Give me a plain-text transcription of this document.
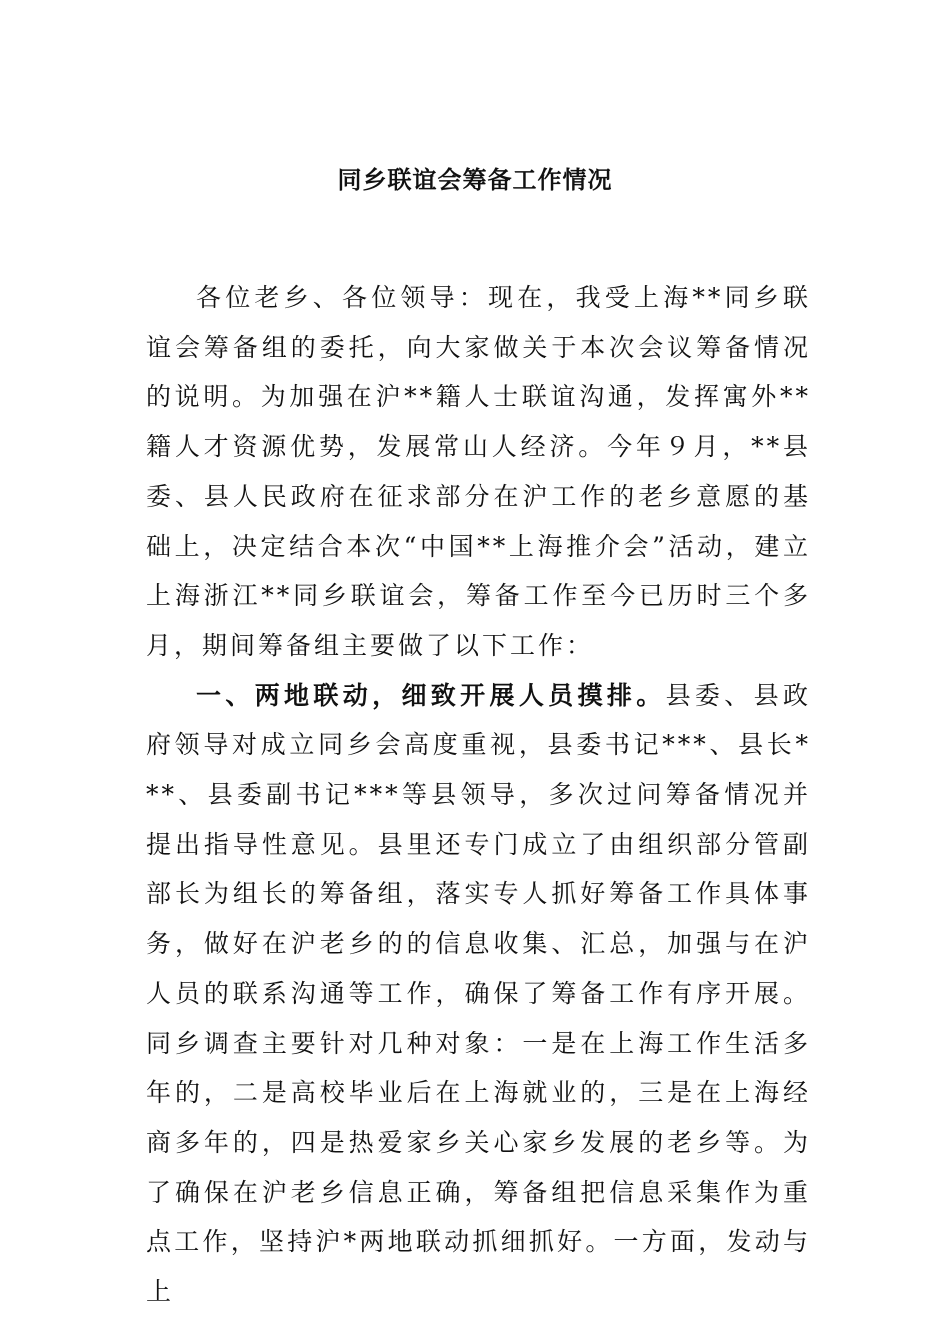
同乡联谊会筹备工作情况

各位老乡、各位领导：现在，我受上海**同乡联谊会筹备组的委托，向大家做关于本次会议筹备情况的说明。为加强在沪**籍人士联谊沟通，发挥寓外**籍人才资源优势，发展常山人经济。今年９月，**县委、县人民政府在征求部分在沪工作的老乡意愿的基础上，决定结合本次“中国**上海推介会”活动，建立上海浙江**同乡联谊会，筹备工作至今已历时三个多月，期间筹备组主要做了以下工作：

一、两地联动，细致开展人员摸排。县委、县政府领导对成立同乡会高度重视，县委书记***、县长***、县委副书记***等县领导，多次过问筹备情况并提出指导性意见。县里还专门成立了由组织部分管副部长为组长的筹备组，落实专人抓好筹备工作具体事务，做好在沪老乡的的信息收集、汇总，加强与在沪人员的联系沟通等工作，确保了筹备工作有序开展。同乡调查主要针对几种对象：一是在上海工作生活多年的，二是高校毕业后在上海就业的，三是在上海经商多年的，四是热爱家乡关心家乡发展的老乡等。为了确保在沪老乡信息正确，筹备组把信息采集作为重点工作，坚持沪*两地联动抓细抓好。一方面，发动与上
